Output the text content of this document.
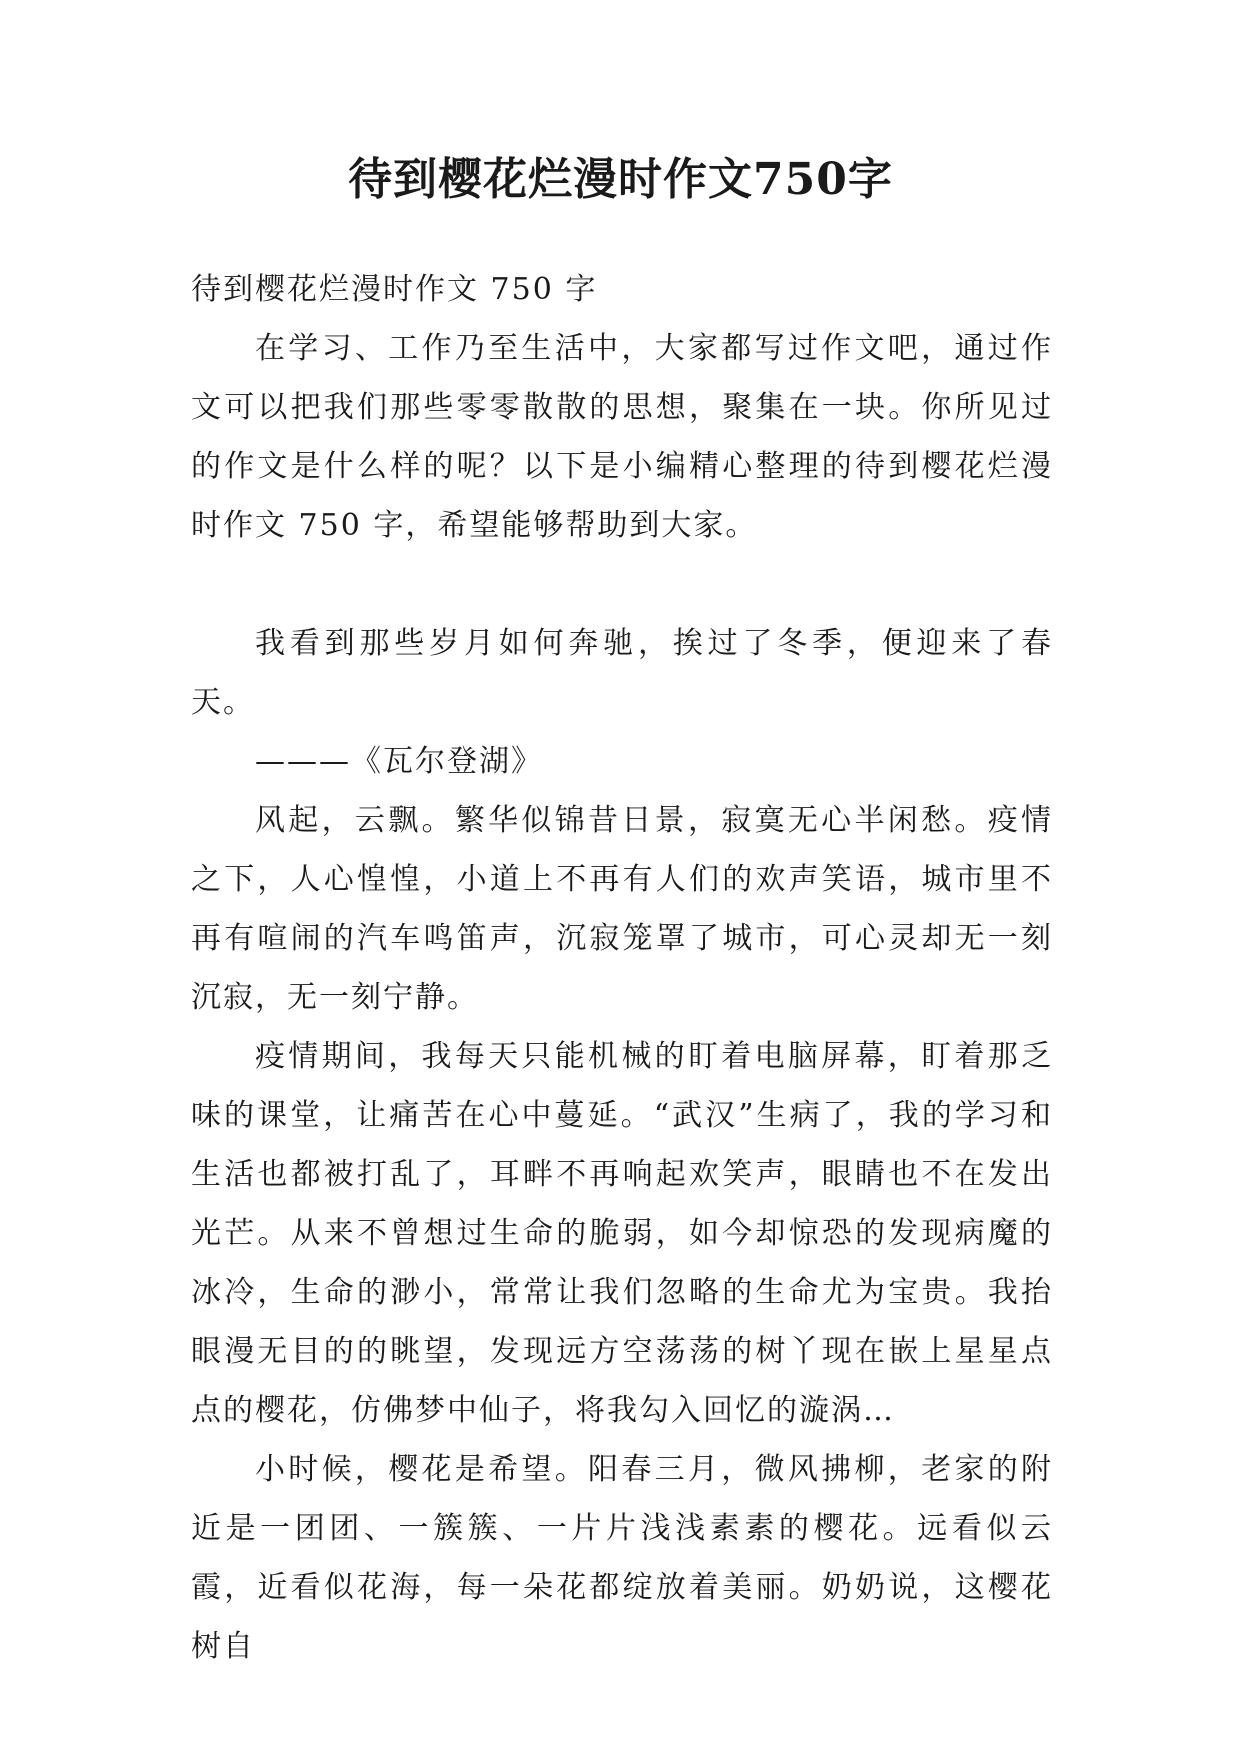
待到樱花烂漫时作文750字

待到樱花烂漫时作文 750 字

在学习、工作乃至生活中，大家都写过作文吧，通过作文可以把我们那些零零散散的思想，聚集在一块。你所见过的作文是什么样的呢？以下是小编精心整理的待到樱花烂漫时作文 750 字，希望能够帮助到大家。

我看到那些岁月如何奔驰，挨过了冬季，便迎来了春天。

———《瓦尔登湖》

风起，云飘。繁华似锦昔日景，寂寞无心半闲愁。疫情之下，人心惶惶，小道上不再有人们的欢声笑语，城市里不再有喧闹的汽车鸣笛声，沉寂笼罩了城市，可心灵却无一刻沉寂，无一刻宁静。

疫情期间，我每天只能机械的盯着电脑屏幕，盯着那乏味的课堂，让痛苦在心中蔓延。“武汉”生病了，我的学习和生活也都被打乱了，耳畔不再响起欢笑声，眼睛也不在发出光芒。从来不曾想过生命的脆弱，如今却惊恐的发现病魔的冰冷，生命的渺小，常常让我们忽略的生命尤为宝贵。我抬眼漫无目的的眺望，发现远方空荡荡的树丫现在嵌上星星点点的樱花，仿佛梦中仙子，将我勾入回忆的漩涡…

小时候，樱花是希望。阳春三月，微风拂柳，老家的附近是一团团、一簇簇、一片片浅浅素素的樱花。远看似云霞，近看似花海，每一朵花都绽放着美丽。奶奶说，这樱花树自
